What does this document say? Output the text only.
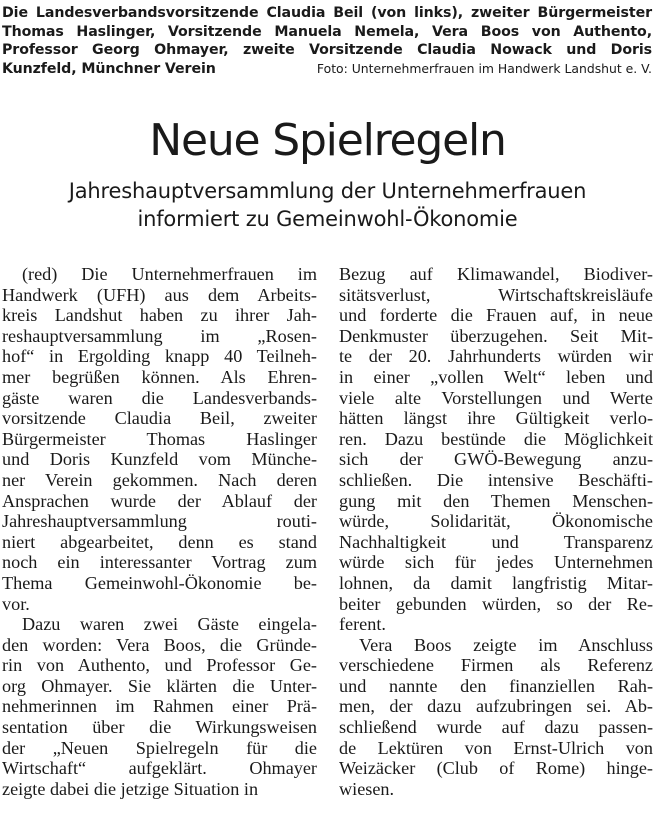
Foto: Unternehmerfrauen im Handwerk Landshut e. V.
Die Landesverbandsvorsitzende Claudia Beil (von links), zweiter Bürgermeister Thomas Haslinger, Vorsitzende Manuela Nemela, Vera Boos von Authento, Professor Georg Ohmayer, zweite Vorsitzende Claudia Nowack und Doris Kunzfeld, Münchner Verein
Neue Spielregeln
Jahreshauptversammlung der Unternehmerfrauen
informiert zu Gemeinwohl-Ökonomie
(red) Die Unternehmerfrauen im
Handwerk (UFH) aus dem Arbeits-
kreis Landshut haben zu ihrer Jah-
reshauptversammlung im „Rosen-
hof“ in Ergolding knapp 40 Teilneh-
mer begrüßen können. Als Ehren-
gäste waren die Landesverbands-
vorsitzende Claudia Beil, zweiter
Bürgermeister Thomas Haslinger
und Doris Kunzfeld vom Münche-
ner Verein gekommen. Nach deren
Ansprachen wurde der Ablauf der
Jahreshauptversammlung routi-
niert abgearbeitet, denn es stand
noch ein interessanter Vortrag zum
Thema Gemeinwohl-Ökonomie be-
vor.
Dazu waren zwei Gäste eingela-
den worden: Vera Boos, die Gründe-
rin von Authento, und Professor Ge-
org Ohmayer. Sie klärten die Unter-
nehmerinnen im Rahmen einer Prä-
sentation über die Wirkungsweisen
der „Neuen Spielregeln für die
Wirtschaft“ aufgeklärt. Ohmayer
zeigte dabei die jetzige Situation in
Bezug auf Klimawandel, Biodiver-
sitätsverlust, Wirtschaftskreisläufe
und forderte die Frauen auf, in neue
Denkmuster überzugehen. Seit Mit-
te der 20. Jahrhunderts würden wir
in einer „vollen Welt“ leben und
viele alte Vorstellungen und Werte
hätten längst ihre Gültigkeit verlo-
ren. Dazu bestünde die Möglichkeit
sich der GWÖ-Bewegung anzu-
schließen. Die intensive Beschäfti-
gung mit den Themen Menschen-
würde, Solidarität, Ökonomische
Nachhaltigkeit und Transparenz
würde sich für jedes Unternehmen
lohnen, da damit langfristig Mitar-
beiter gebunden würden, so der Re-
ferent.
Vera Boos zeigte im Anschluss
verschiedene Firmen als Referenz
und nannte den finanziellen Rah-
men, der dazu aufzubringen sei. Ab-
schließend wurde auf dazu passen-
de Lektüren von Ernst-Ulrich von
Weizäcker (Club of Rome) hinge-
wiesen.
